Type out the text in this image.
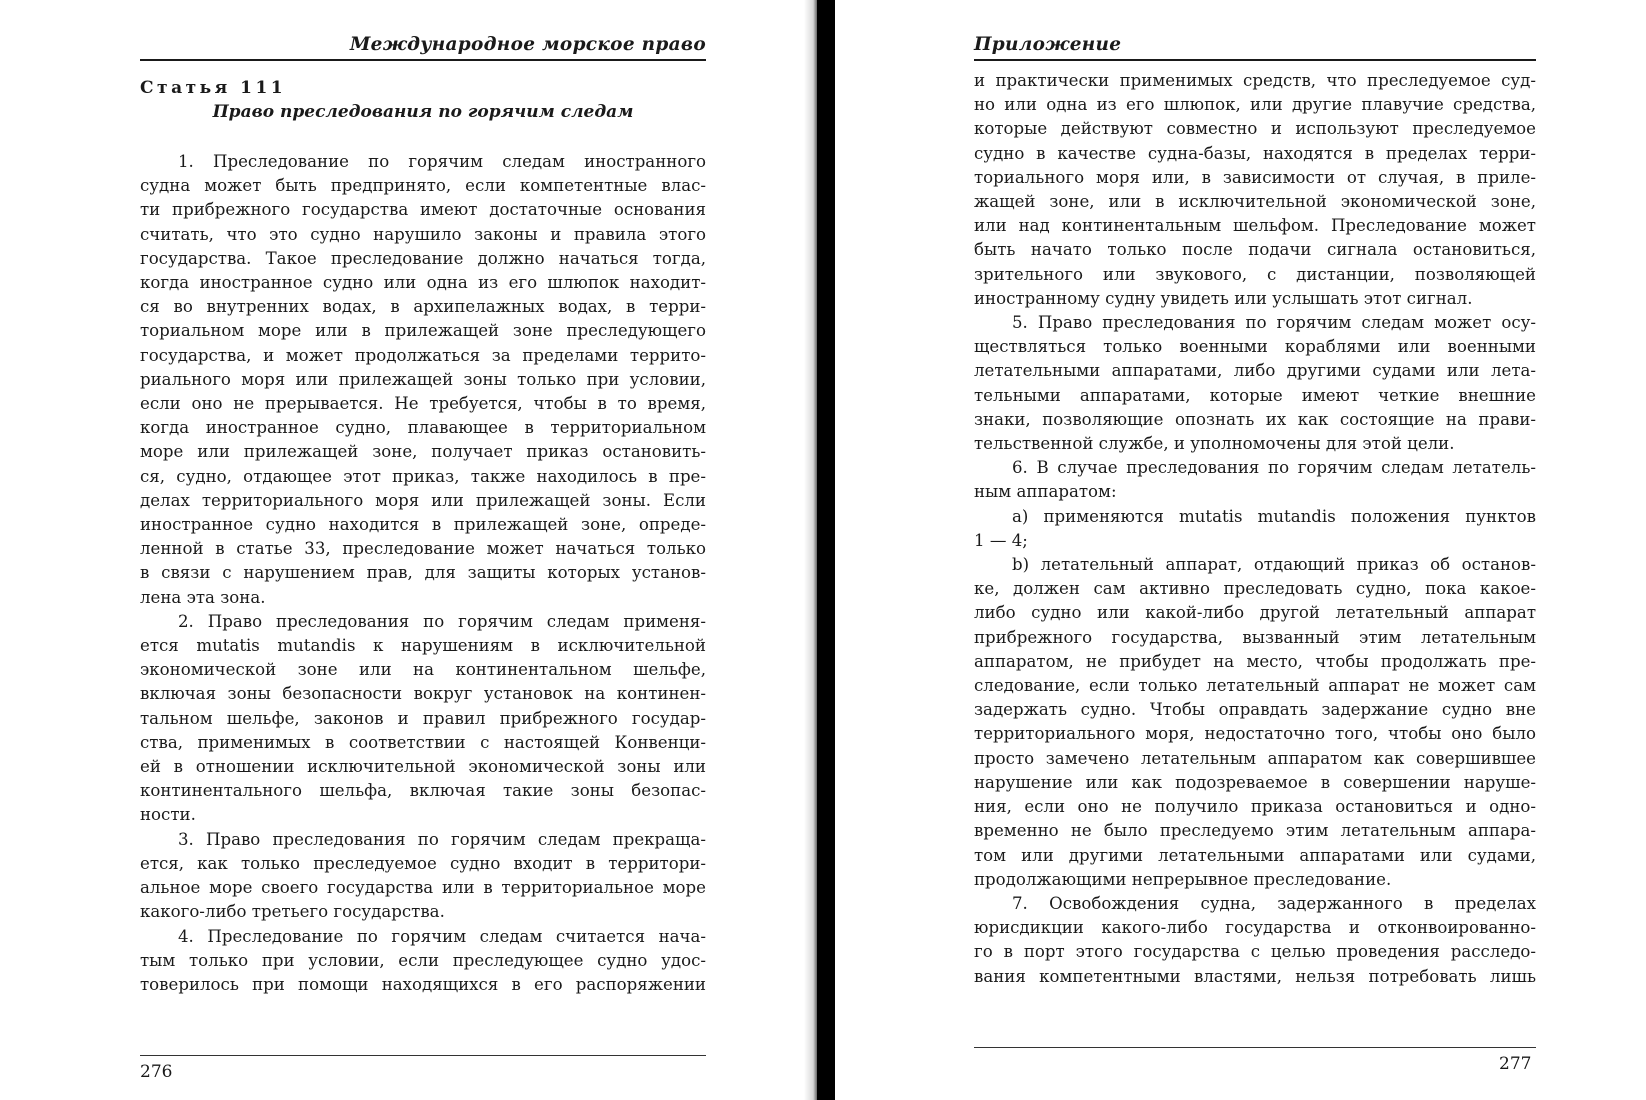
Международное морское право
Статья 111
Право преследования по горячим следам
1. Преследование по горячим следам иностранного
судна может быть предпринято, если компетентные влас-
ти прибрежного государства имеют достаточные основания
считать, что это судно нарушило законы и правила этого
государства. Такое преследование должно начаться тогда,
когда иностранное судно или одна из его шлюпок находит-
ся во внутренних водах, в архипелажных водах, в терри-
ториальном море или в прилежащей зоне преследующего
государства, и может продолжаться за пределами террито-
риального моря или прилежащей зоны только при условии,
если оно не прерывается. Не требуется, чтобы в то время,
когда иностранное судно, плавающее в территориальном
море или прилежащей зоне, получает приказ остановить-
ся, судно, отдающее этот приказ, также находилось в пре-
делах территориального моря или прилежащей зоны. Если
иностранное судно находится в прилежащей зоне, опреде-
ленной в статье 33, преследование может начаться только
в связи с нарушением прав, для защиты которых установ-
лена эта зона.
2. Право преследования по горячим следам применя-
ется mutatis mutandis к нарушениям в исключительной
экономической зоне или на континентальном шельфе,
включая зоны безопасности вокруг установок на континен-
тальном шельфе, законов и правил прибрежного государ-
ства, применимых в соответствии с настоящей Конвенци-
ей в отношении исключительной экономической зоны или
континентального шельфа, включая такие зоны безопас-
ности.
3. Право преследования по горячим следам прекраща-
ется, как только преследуемое судно входит в территори-
альное море своего государства или в территориальное море
какого-либо третьего государства.
4. Преследование по горячим следам считается нача-
тым только при условии, если преследующее судно удос-
товерилось при помощи находящихся в его распоряжении
276
Приложение
и практически применимых средств, что преследуемое суд-
но или одна из его шлюпок, или другие плавучие средства,
которые действуют совместно и используют преследуемое
судно в качестве судна-базы, находятся в пределах терри-
ториального моря или, в зависимости от случая, в приле-
жащей зоне, или в исключительной экономической зоне,
или над континентальным шельфом. Преследование может
быть начато только после подачи сигнала остановиться,
зрительного или звукового, с дистанции, позволяющей
иностранному судну увидеть или услышать этот сигнал.
5. Право преследования по горячим следам может осу-
ществляться только военными кораблями или военными
летательными аппаратами, либо другими судами или лета-
тельными аппаратами, которые имеют четкие внешние
знаки, позволяющие опознать их как состоящие на прави-
тельственной службе, и уполномочены для этой цели.
6. В случае преследования по горячим следам летатель-
ным аппаратом:
a) применяются mutatis mutandis положения пунктов
1 — 4;
b) летательный аппарат, отдающий приказ об останов-
ке, должен сам активно преследовать судно, пока какое-
либо судно или какой-либо другой летательный аппарат
прибрежного государства, вызванный этим летательным
аппаратом, не прибудет на место, чтобы продолжать пре-
следование, если только летательный аппарат не может сам
задержать судно. Чтобы оправдать задержание судно вне
территориального моря, недостаточно того, чтобы оно было
просто замечено летательным аппаратом как совершившее
нарушение или как подозреваемое в совершении наруше-
ния, если оно не получило приказа остановиться и одно-
временно не было преследуемо этим летательным аппара-
том или другими летательными аппаратами или судами,
продолжающими непрерывное преследование.
7. Освобождения судна, задержанного в пределах
юрисдикции какого-либо государства и отконвоированно-
го в порт этого государства с целью проведения расследо-
вания компетентными властями, нельзя потребовать лишь
277
